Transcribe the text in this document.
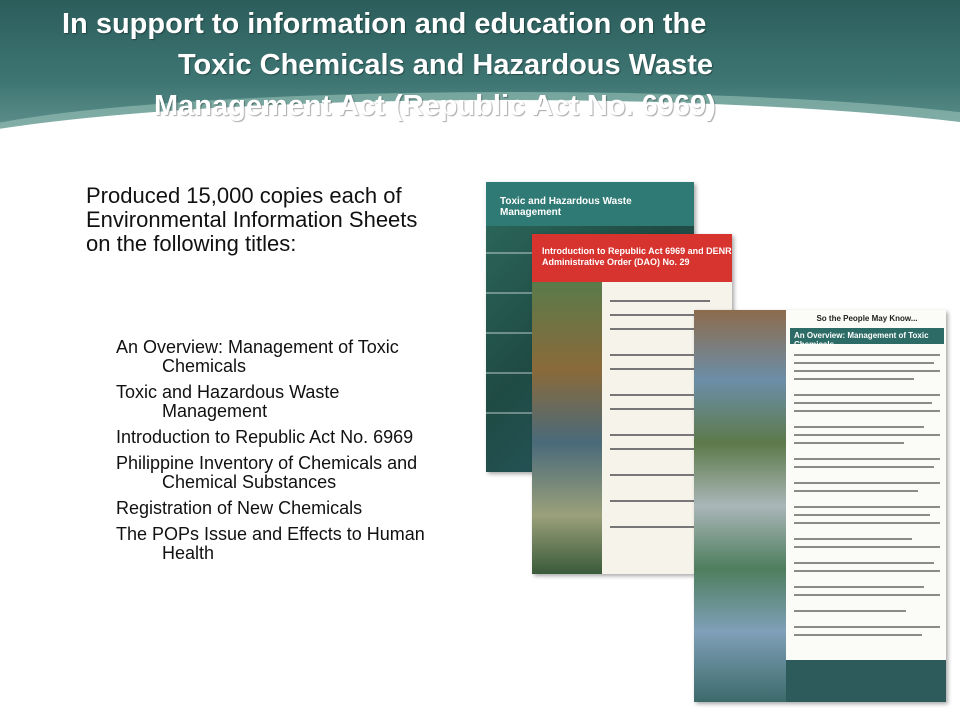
In support to information and education on the
Toxic Chemicals and Hazardous Waste
Management Act (Republic Act No. 6969)
Produced 15,000 copies each of Environmental Information Sheets on the following titles:
An Overview: Management of Toxic Chemicals
Toxic and Hazardous Waste Management
Introduction to Republic Act No. 6969
Philippine Inventory of Chemicals and Chemical Substances
Registration of New Chemicals
The POPs Issue and Effects to Human Health
Toxic and Hazardous Waste Management
Introduction to Republic Act 6969 and DENR Administrative Order (DAO) No. 29
So the People May Know...
An Overview: Management of Toxic Chemicals
